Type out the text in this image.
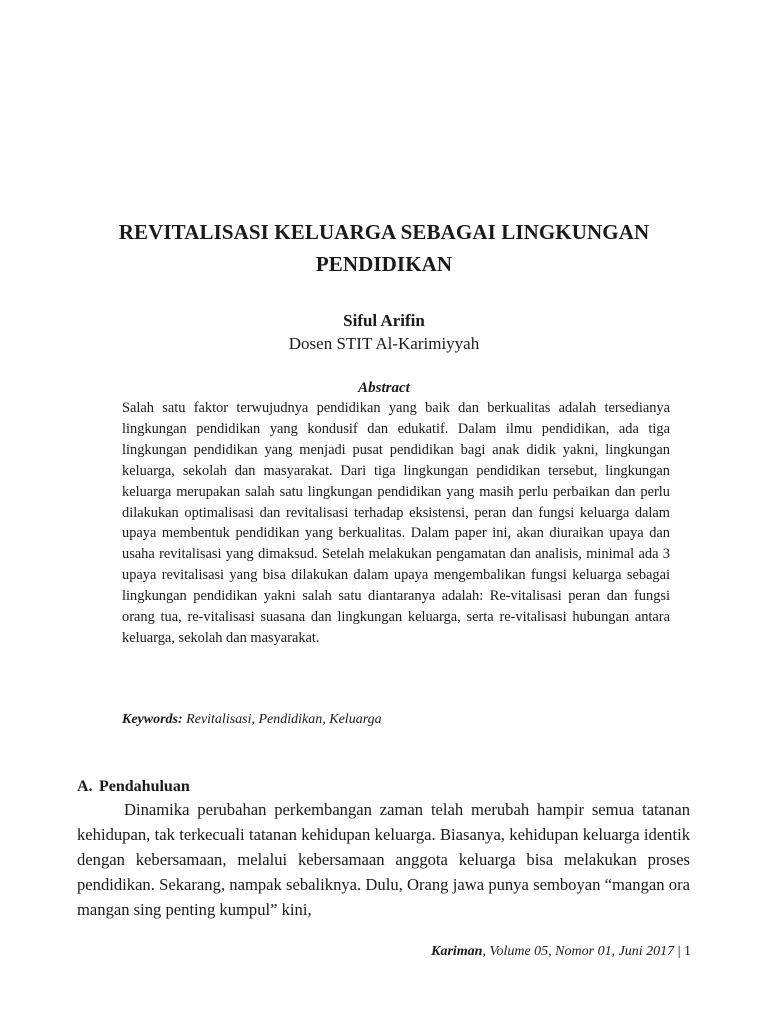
REVITALISASI KELUARGA SEBAGAI LINGKUNGAN PENDIDIKAN
Siful Arifin
Dosen STIT Al-Karimiyyah
Abstract

Salah satu faktor terwujudnya pendidikan yang baik dan berkualitas adalah tersedianya lingkungan pendidikan yang kondusif dan edukatif. Dalam ilmu pendidikan, ada tiga lingkungan pendidikan yang menjadi pusat pendidikan bagi anak didik yakni, lingkungan keluarga, sekolah dan masyarakat. Dari tiga lingkungan pendidikan tersebut, lingkungan keluarga merupakan salah satu lingkungan pendidikan yang masih perlu perbaikan dan perlu dilakukan optimalisasi dan revitalisasi terhadap eksistensi, peran dan fungsi keluarga dalam upaya membentuk pendidikan yang berkualitas. Dalam paper ini, akan diuraikan upaya dan usaha revitalisasi yang dimaksud. Setelah melakukan pengamatan dan analisis, minimal ada 3 upaya revitalisasi yang bisa dilakukan dalam upaya mengembalikan fungsi keluarga sebagai lingkungan pendidikan yakni salah satu diantaranya adalah: Re-vitalisasi peran dan fungsi orang tua, re-vitalisasi suasana dan lingkungan keluarga, serta re-vitalisasi hubungan antara keluarga, sekolah dan masyarakat.

Keywords: Revitalisasi, Pendidikan, Keluarga
A. Pendahuluan

Dinamika perubahan perkembangan zaman telah merubah hampir semua tatanan kehidupan, tak terkecuali tatanan kehidupan keluarga. Biasanya, kehidupan keluarga identik dengan kebersamaan, melalui kebersamaan anggota keluarga bisa melakukan proses pendidikan. Sekarang, nampak sebaliknya. Dulu, Orang jawa punya semboyan “mangan ora mangan sing penting kumpul” kini,

Kariman, Volume 05, Nomor 01, Juni 2017 | 1
